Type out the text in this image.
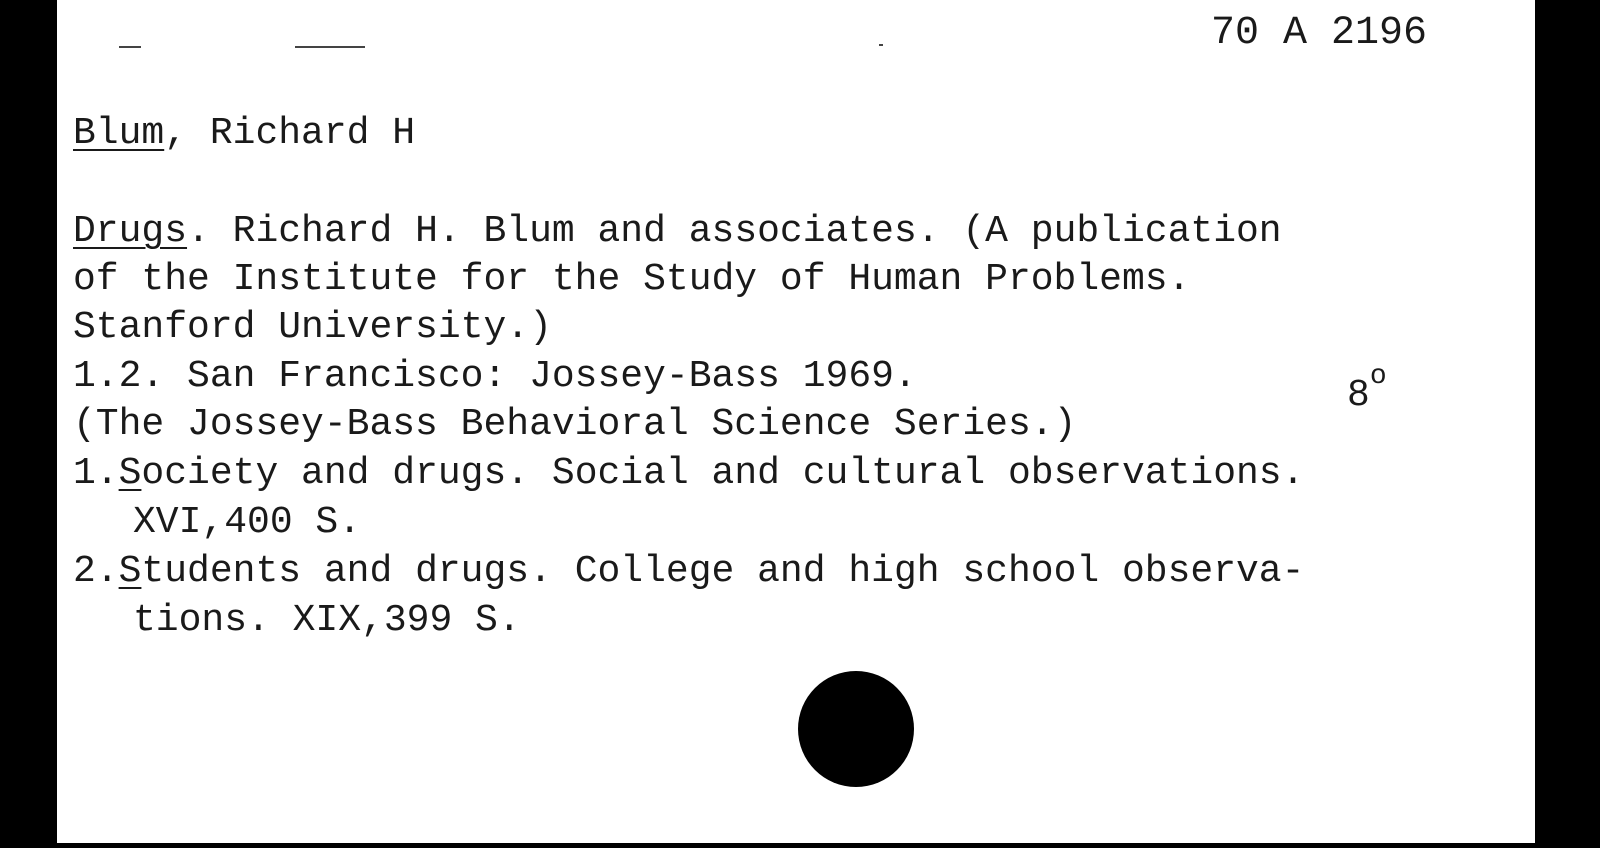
70 A 2196
Blum, Richard H
Drugs. Richard H. Blum and associates. (A publication
of the Institute for the Study of Human Problems.
Stanford University.)
1.2. San Francisco: Jossey-Bass 1969.	8$^o$
(The Jossey-Bass Behavioral Science Series.)
1.Society and drugs. Social and cultural observations.
XVI,400 S.
2.Students and drugs. College and high school observa-
tions. XIX,399 S.
